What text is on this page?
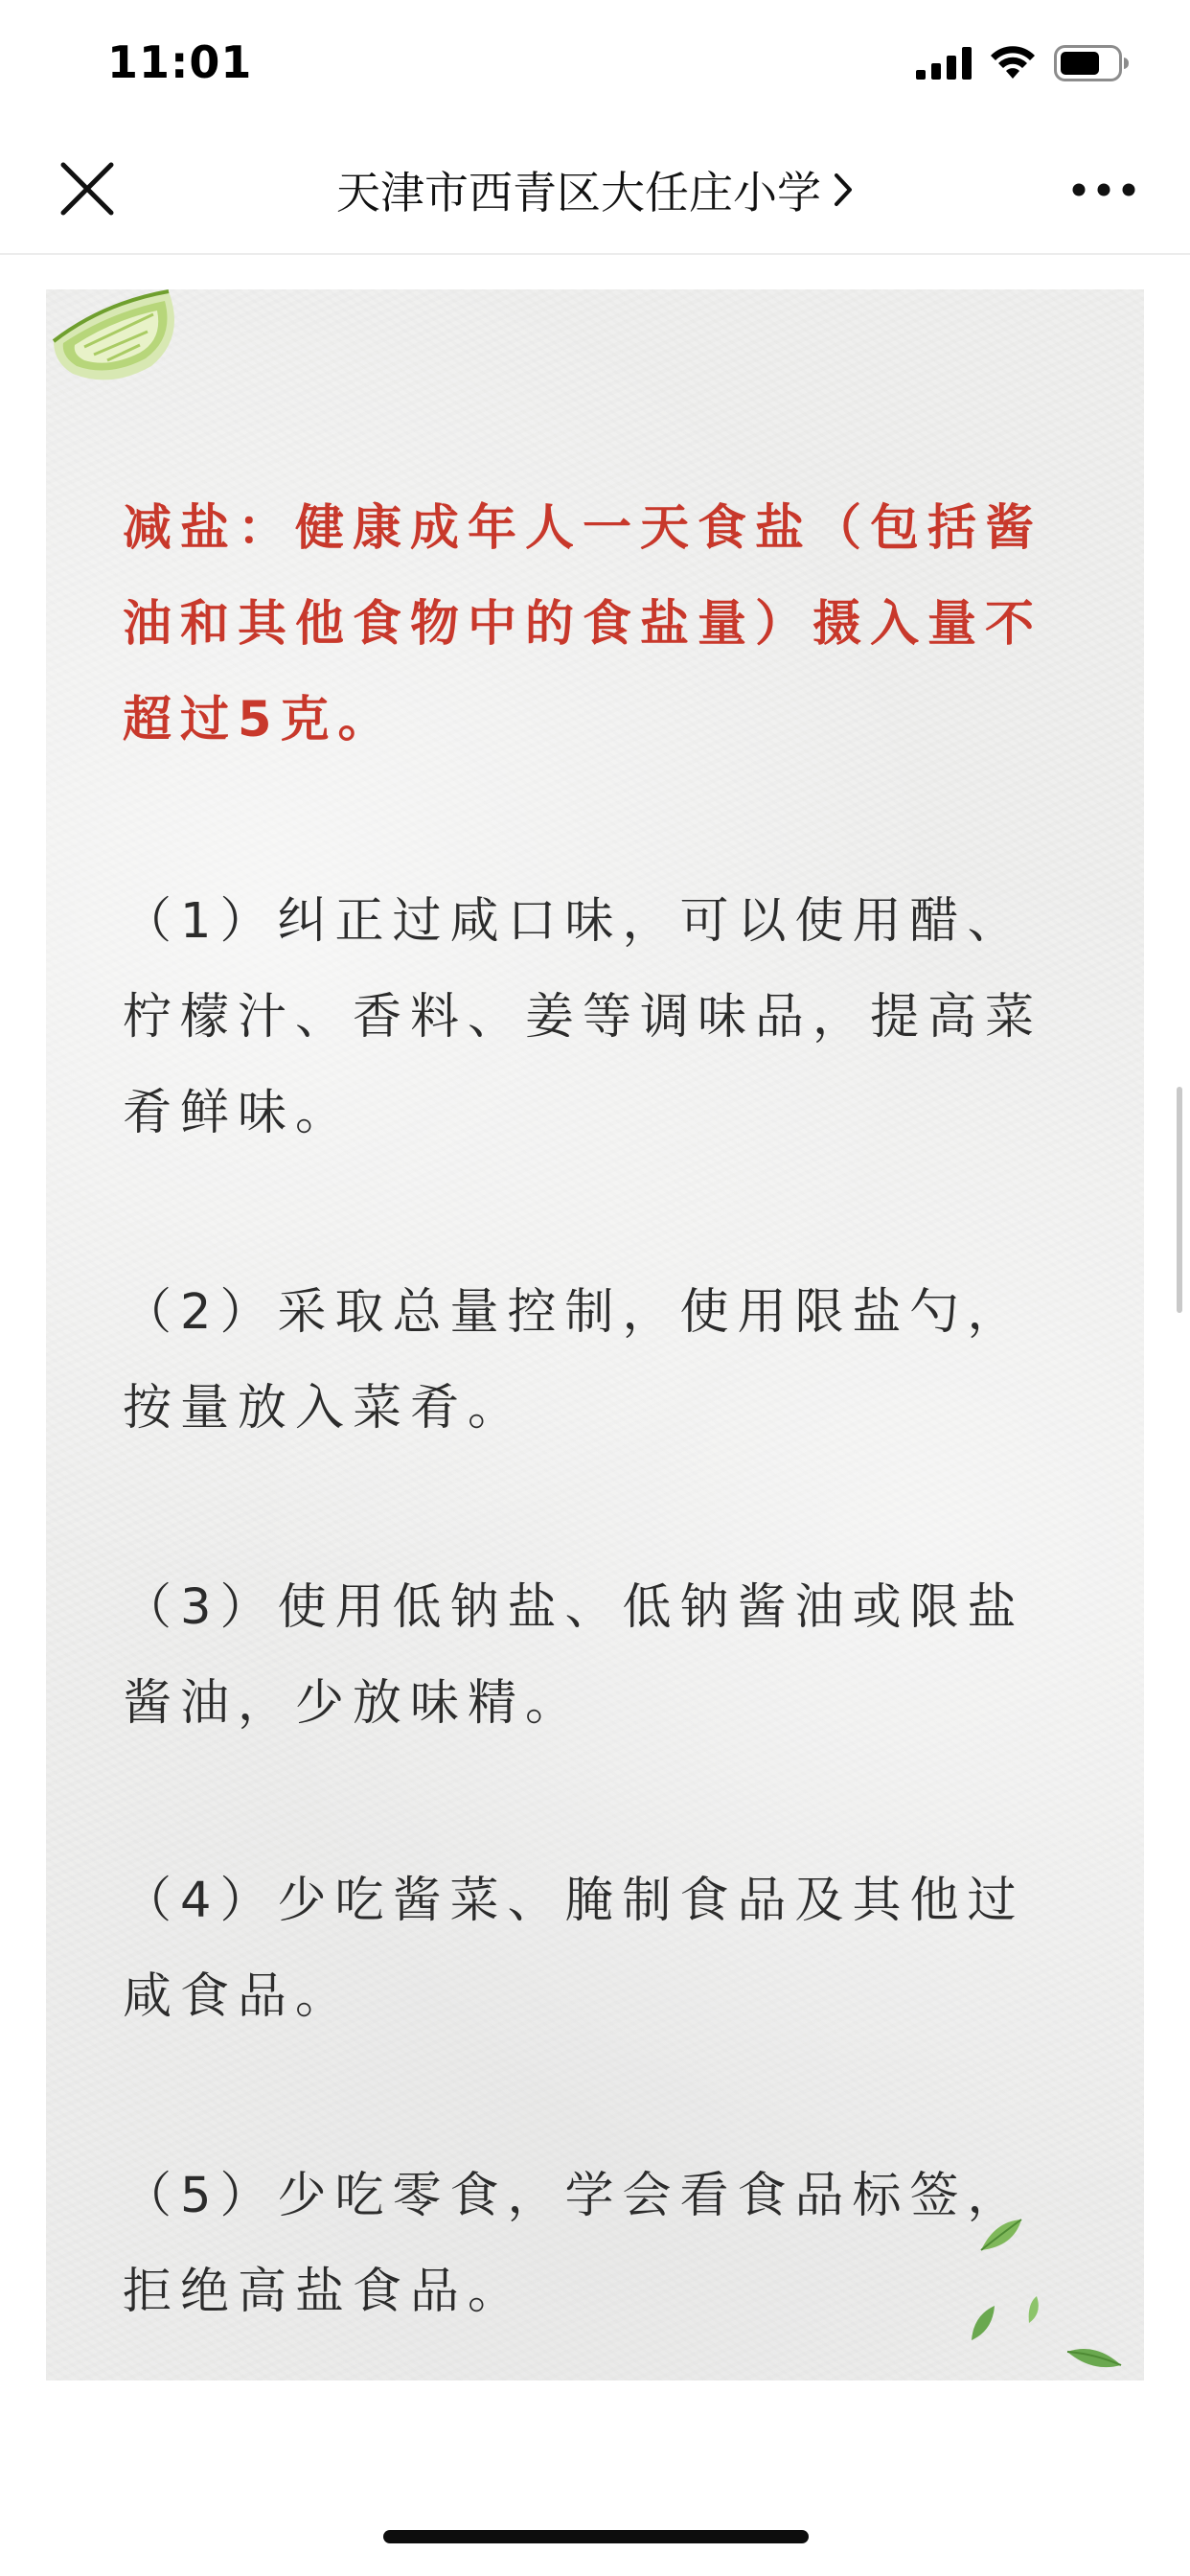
11:01
天津市西青区大任庄小学

减盐：健康成年人一天食盐（包括酱油和其他食物中的食盐量）摄入量不超过5克。

（1）纠正过咸口味，可以使用醋、柠檬汁、香料、姜等调味品，提高菜肴鲜味。

（2）采取总量控制，使用限盐勺，按量放入菜肴。

（3）使用低钠盐、低钠酱油或限盐酱油，少放味精。

（4）少吃酱菜、腌制食品及其他过咸食品。

（5）少吃零食，学会看食品标签，拒绝高盐食品。
